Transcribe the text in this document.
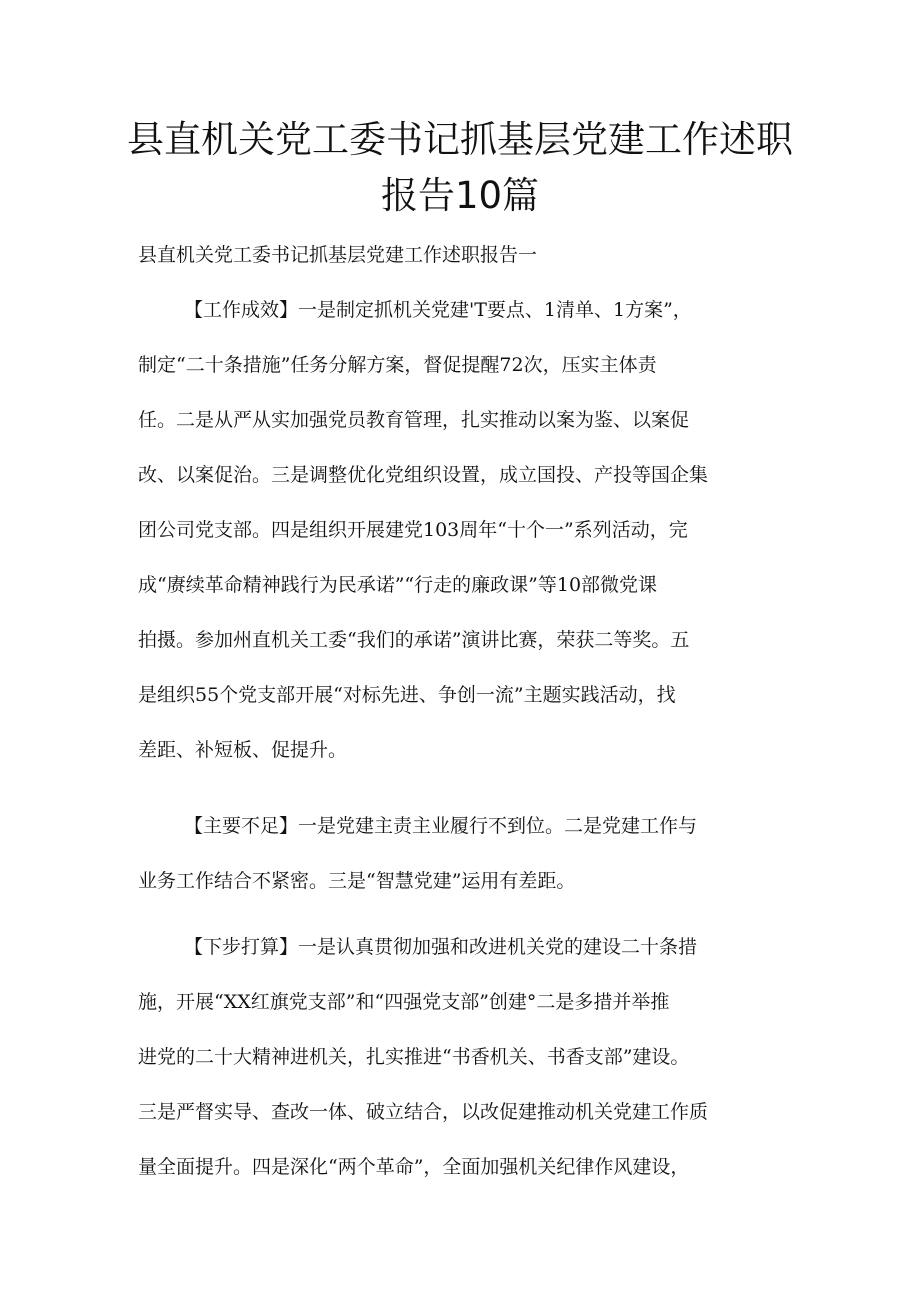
县直机关党工委书记抓基层党建工作述职
报告10篇
县直机关党工委书记抓基层党建工作述职报告一
【工作成效】一是制定抓机关党建'T要点、1清单、1方案”，
制定“二十条措施”任务分解方案，督促提醒72次，压实主体责
任。二是从严从实加强党员教育管理，扎实推动以案为鉴、以案促
改、以案促治。三是调整优化党组织设置，成立国投、产投等国企集
团公司党支部。四是组织开展建党103周年“十个一”系列活动，完
成“赓续革命精神践行为民承诺”“行走的廉政课”等10部微党课
拍摄。参加州直机关工委“我们的承诺”演讲比赛，荣获二等奖。五
是组织55个党支部开展“对标先进、争创一流”主题实践活动，找
差距、补短板、促提升。
【主要不足】一是党建主责主业履行不到位。二是党建工作与
业务工作结合不紧密。三是“智慧党建”运用有差距。
【下步打算】一是认真贯彻加强和改进机关党的建设二十条措
施，开展“XX红旗党支部”和“四强党支部”创建°二是多措并举推
进党的二十大精神进机关，扎实推进“书香机关、书香支部”建设。
三是严督实导、查改一体、破立结合，以改促建推动机关党建工作质
量全面提升。四是深化“两个革命”，全面加强机关纪律作风建设，
